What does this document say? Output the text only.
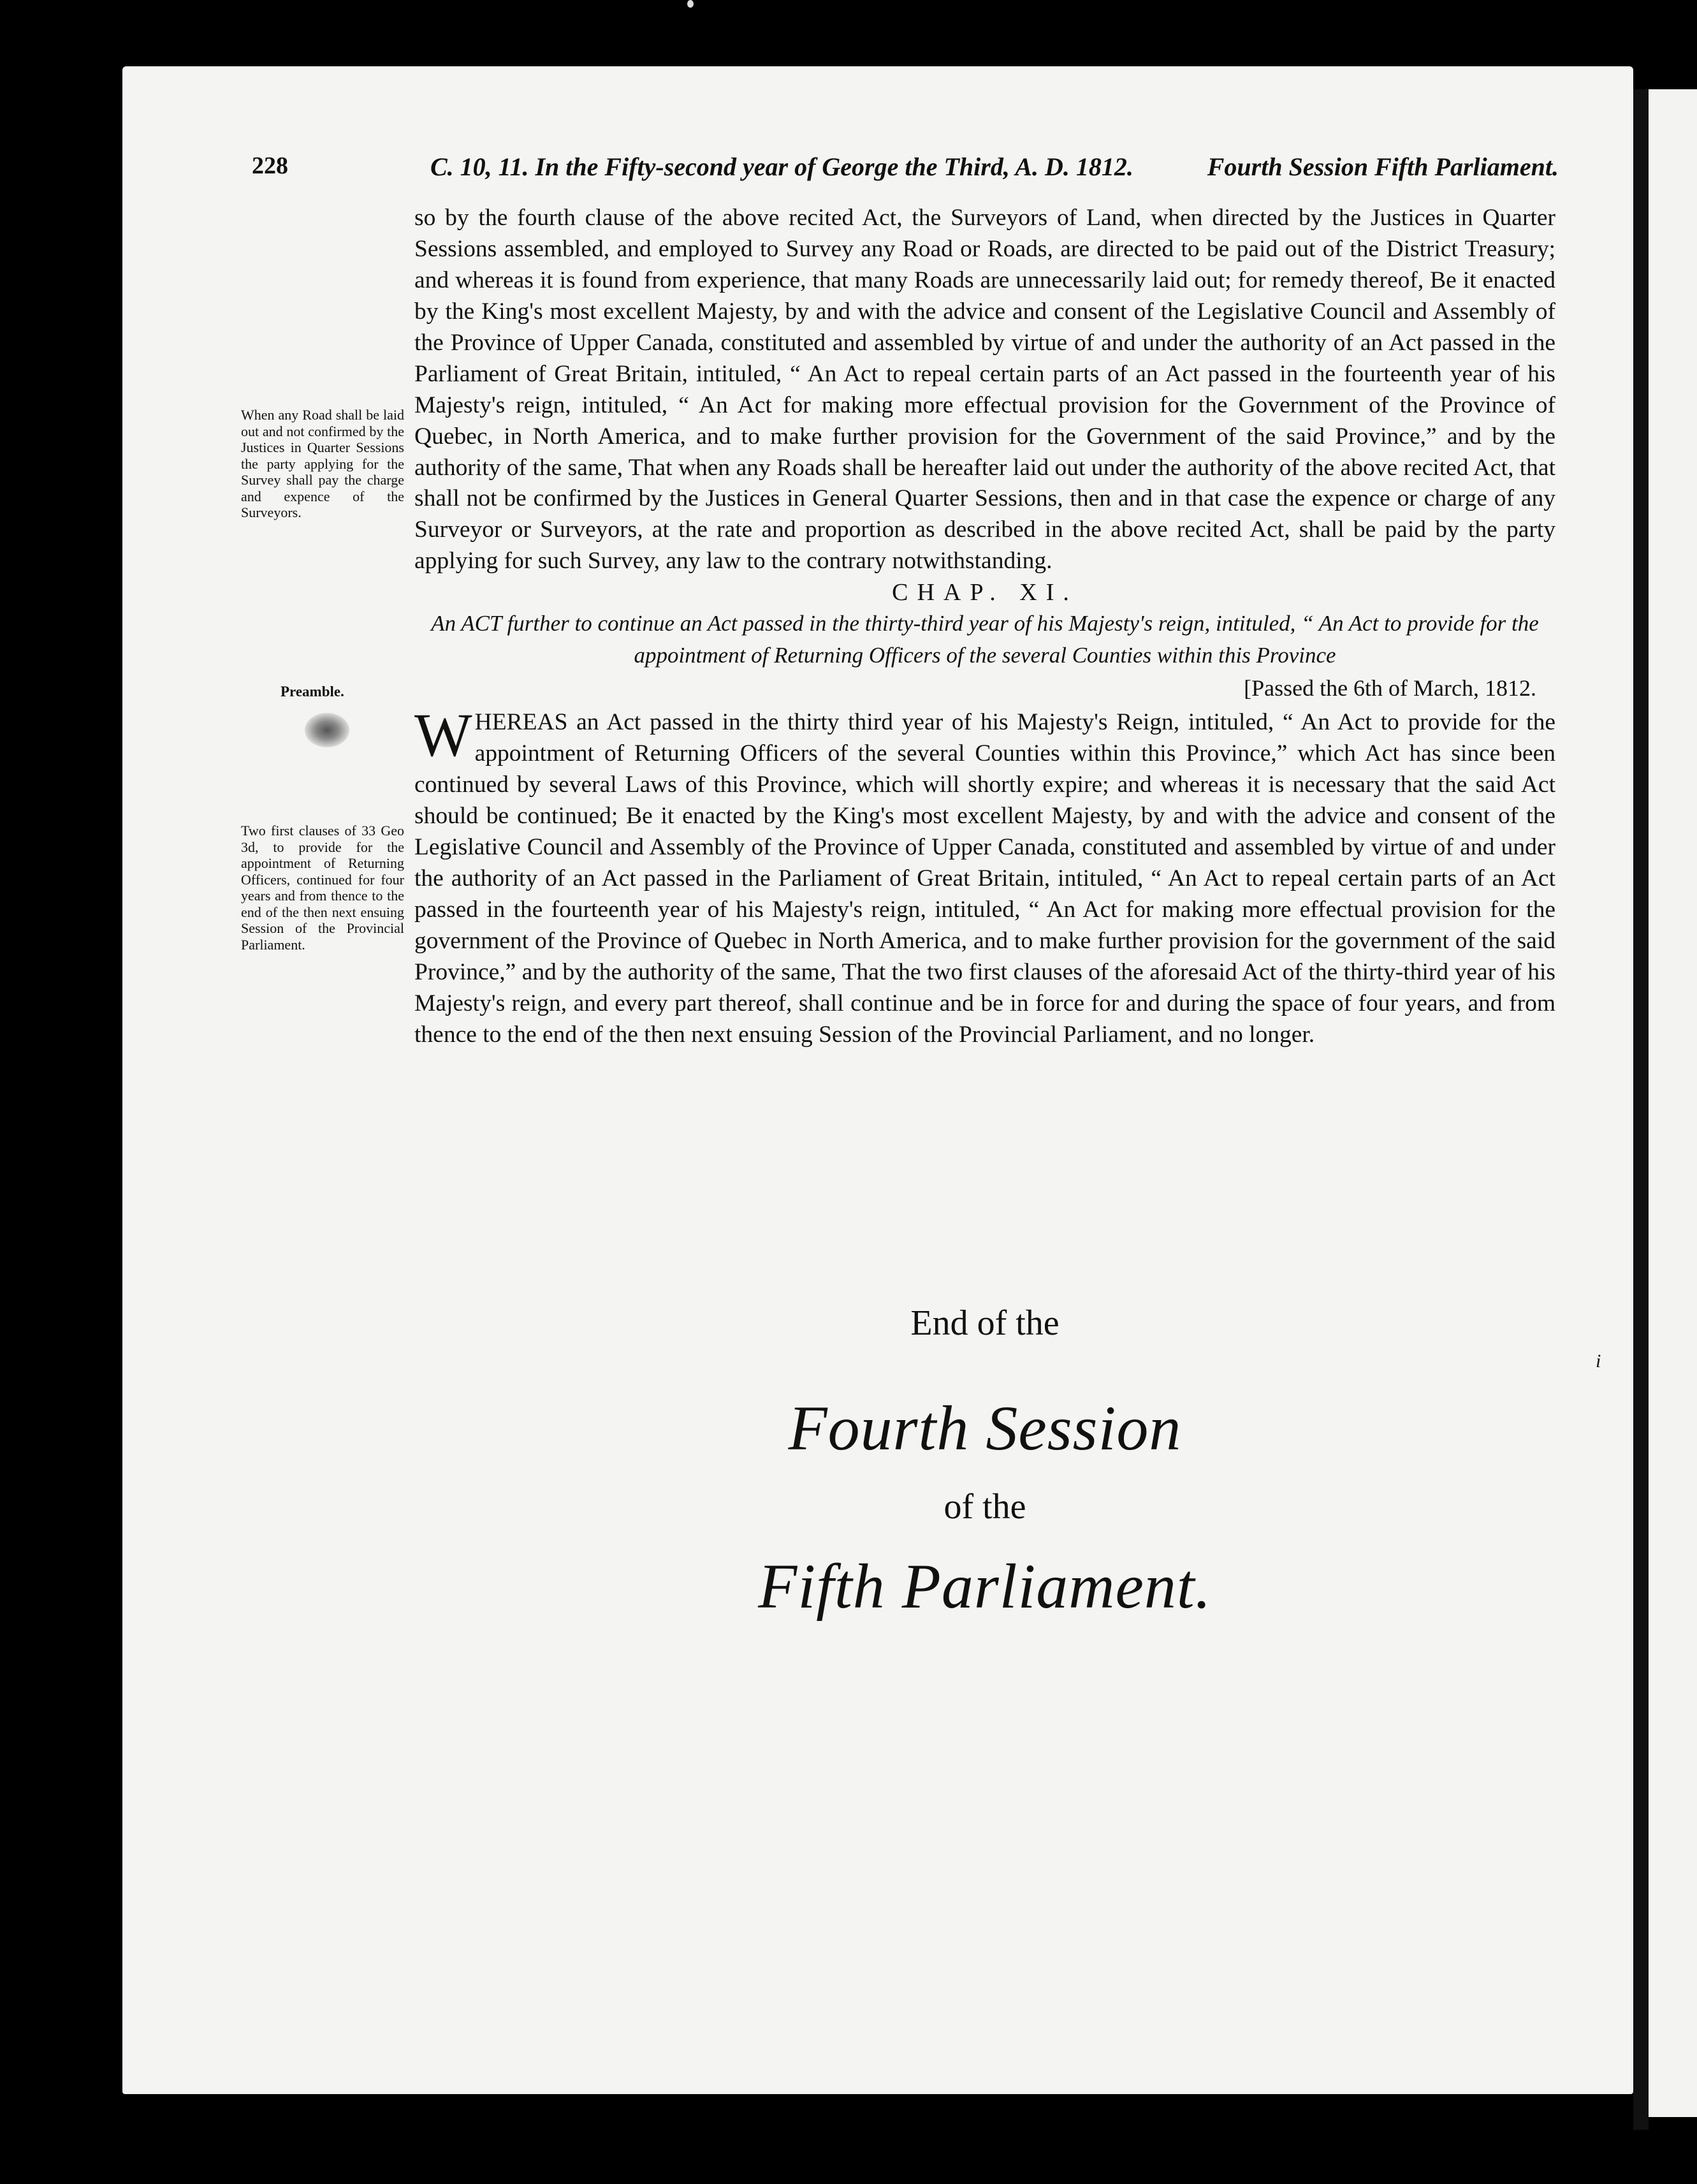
228	C. 10, 11. In the Fifty-second year of George the Third, A. D. 1812.	Fourth Session Fifth Parliament.
When any Road shall be laid out and not confirmed by the Justices in Quarter Sessions the party applying for the Survey shall pay the charge and expence of the Surveyors.
Preamble.
Two first clauses of 33 Geo 3d, to provide for the appointment of Returning Officers, continued for four years and from thence to the end of the then next ensuing Session of the Provincial Parliament.

so by the fourth clause of the above recited Act, the Surveyors of Land, when directed by the Justices in Quarter Sessions assembled, and employed to Survey any Road or Roads, are directed to be paid out of the District Treasury; and whereas it is found from experience, that many Roads are unnecessarily laid out; for remedy thereof, Be it enacted by the King's most excellent Majesty, by and with the advice and consent of the Legislative Council and Assembly of the Province of Upper Canada, constituted and assembled by virtue of and under the authority of an Act passed in the Parliament of Great Britain, intituled, “ An Act to repeal certain parts of an Act passed in the fourteenth year of his Majesty's reign, intituled, “ An Act for making more effectual provision for the Government of the Province of Quebec, in North America, and to make further provision for the Government of the said Province,” and by the authority of the same, That when any Roads shall be hereafter laid out under the authority of the above recited Act, that shall not be confirmed by the Justices in General Quarter Sessions, then and in that case the expence or charge of any Surveyor or Surveyors, at the rate and proportion as described in the above recited Act, shall be paid by the party applying for such Survey, any law to the contrary notwithstanding.

CHAP. XI.

An ACT further to continue an Act passed in the thirty-third year of his Majesty's reign, intituled, “ An Act to provide for the appointment of Returning Officers of the several Counties within this Province

[Passed the 6th of March, 1812.

W HEREAS an Act passed in the thirty third year of his Majesty's Reign, intituled, “ An Act to provide for the appointment of Returning Officers of the several Counties within this Province,” which Act has since been continued by several Laws of this Province, which will shortly expire; and whereas it is necessary that the said Act should be continued; Be it enacted by the King's most excellent Majesty, by and with the advice and consent of the Legislative Council and Assembly of the Province of Upper Canada, constituted and assembled by virtue of and under the authority of an Act passed in the Parliament of Great Britain, intituled, “ An Act to repeal certain parts of an Act passed in the fourteenth year of his Majesty's reign, intituled, “ An Act for making more effectual provision for the government of the Province of Quebec in North America, and to make further provision for the government of the said Province,” and by the authority of the same, That the two first clauses of the aforesaid Act of the thirty-third year of his Majesty's reign, and every part thereof, shall continue and be in force for and during the space of four years, and from thence to the end of the then next ensuing Session of the Provincial Parliament, and no longer.

End of the
Fourth Session
of the
Fifth Parliament.
i
